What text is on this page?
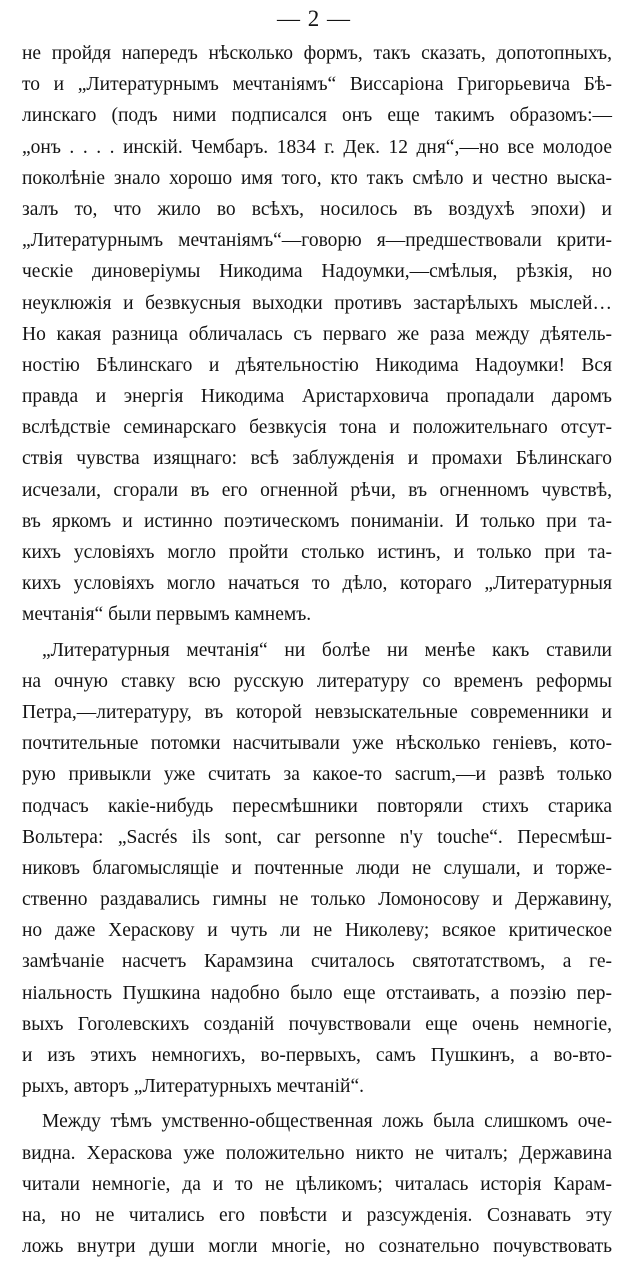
— 2 —
не пройдя напередъ нѣсколько формъ, такъ сказать, допотопныхъ,
то и „Литературнымъ мечтаніямъ“ Виссаріона Григорьевича Бѣ-
линскаго (подъ ними подписался онъ еще такимъ образомъ:—
„онъ . . . . инскій. Чембаръ. 1834 г. Дек. 12 дня“,—но все молодое
поколѣніе знало хорошо имя того, кто такъ смѣло и честно выска-
залъ то, что жило во всѣхъ, носилось въ воздухѣ эпохи) и
„Литературнымъ мечтаніямъ“—говорю я—предшествовали крити-
ческіе диноверіумы Никодима Надоумки,—смѣлыя, рѣзкія, но
неуклюжія и безвкусныя выходки противъ застарѣлыхъ мыслей…
Но какая разница обличалась съ перваго же раза между дѣятель-
ностію Бѣлинскаго и дѣятельностію Никодима Надоумки! Вся
правда и энергія Никодима Аристарховича пропадали даромъ
вслѣдствіе семинарскаго безвкусія тона и положительнаго отсут-
ствія чувства изящнаго: всѣ заблужденія и промахи Бѣлинскаго
исчезали, сгорали въ его огненной рѣчи, въ огненномъ чувствѣ,
въ яркомъ и истинно поэтическомъ пониманіи. И только при та-
кихъ условіяхъ могло пройти столько истинъ, и только при та-
кихъ условіяхъ могло начаться то дѣло, котораго „Литературныя
мечтанія“ были первымъ камнемъ.
„Литературныя мечтанія“ ни болѣе ни менѣе какъ ставили
на очную ставку всю русскую литературу со временъ реформы
Петра,—литературу, въ которой невзыскательные современники и
почтительные потомки насчитывали уже нѣсколько геніевъ, кото-
рую привыкли уже считать за какое-то sacrum,—и развѣ только
подчасъ какіе-нибудь пересмѣшники повторяли стихъ старика
Вольтера: „Sacrés ils sont, car personne n'y touche“. Пересмѣш-
никовъ благомыслящіе и почтенные люди не слушали, и торже-
ственно раздавались гимны не только Ломоносову и Державину,
но даже Хераскову и чуть ли не Николеву; всякое критическое
замѣчаніе насчетъ Карамзина считалось святотатствомъ, а ге-
ніальность Пушкина надобно было еще отстаивать, а поэзію пер-
выхъ Гоголевскихъ созданій почувствовали еще очень немногіе,
и изъ этихъ немногихъ, во-первыхъ, самъ Пушкинъ, а во-вто-
рыхъ, авторъ „Литературныхъ мечтаній“.
Между тѣмъ умственно-общественная ложь была слишкомъ оче-
видна. Хераскова уже положительно никто не читалъ; Державина
читали немногіе, да и то не цѣликомъ; читалась исторія Карам-
на, но не читались его повѣсти и разсужденія. Сознавать эту
ложь внутри души могли многіе, но сознательно почувствовать
